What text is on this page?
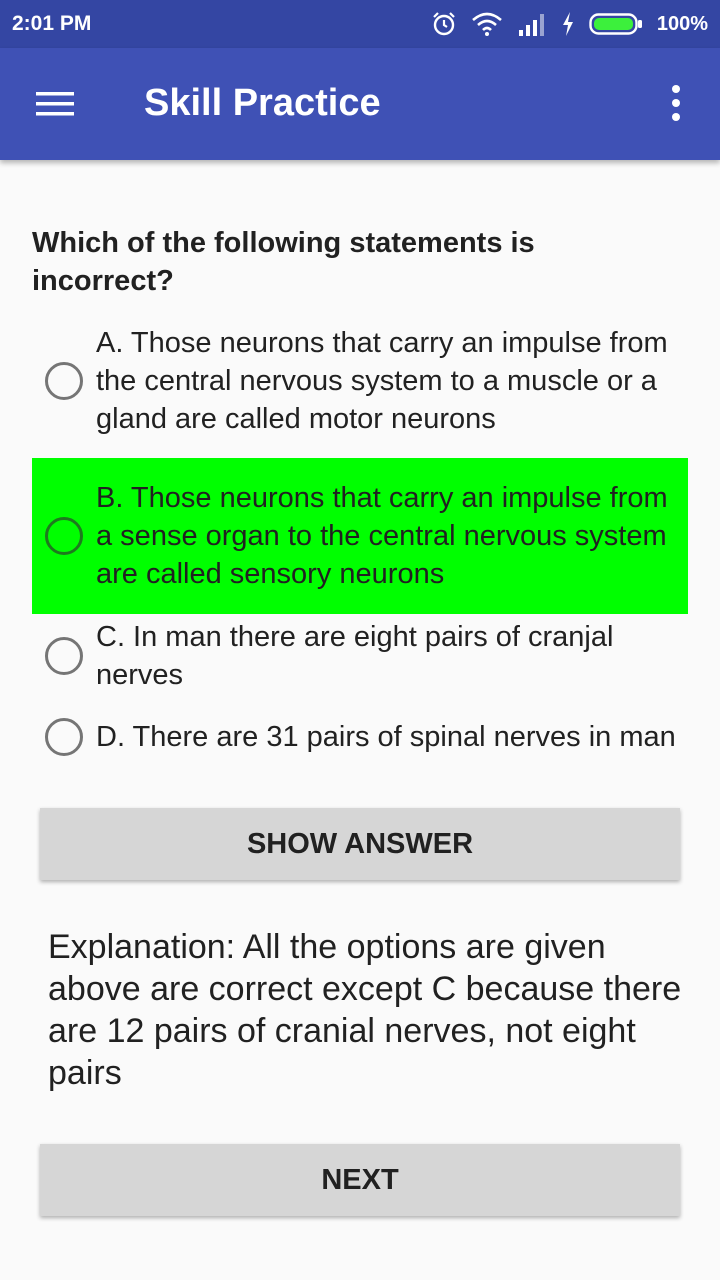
2:01 PM	100%
Skill Practice
Which of the following statements is incorrect?
A. Those neurons that carry an impulse from the central nervous system to a muscle or a gland are called motor neurons
B. Those neurons that carry an impulse from a sense organ to the central nervous system are called sensory neurons
C. In man there are eight pairs of cranjal nerves
D. There are 31 pairs of spinal nerves in man
SHOW ANSWER
Explanation: All the options are given above are correct except C because there are 12 pairs of cranial nerves, not eight pairs
NEXT
